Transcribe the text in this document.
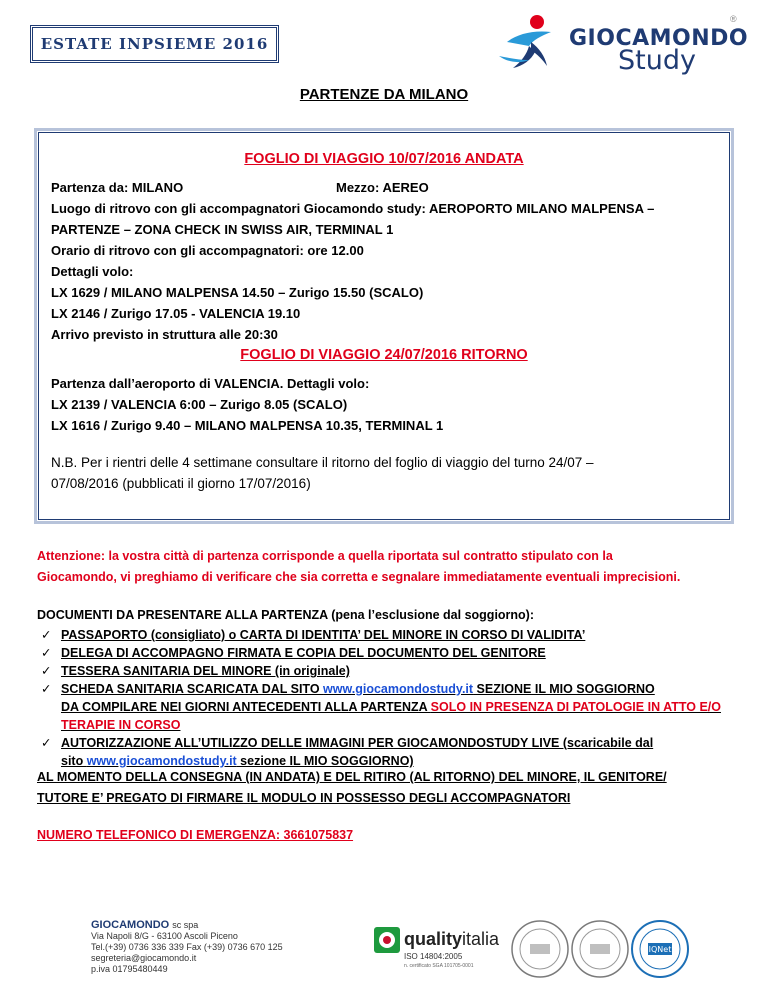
ESTATE INPSIEME 2016	GIOCAMONDO
Study
®
PARTENZE DA MILANO
FOGLIO DI VIAGGIO 10/07/2016 ANDATA
Partenza da: MILANO	Mezzo: AEREO
Luogo di ritrovo con gli accompagnatori Giocamondo study: AEROPORTO MILANO MALPENSA –
PARTENZE – ZONA CHECK IN SWISS AIR, TERMINAL 1
Orario di ritrovo con gli accompagnatori: ore 12.00
Dettagli volo:
LX 1629 / MILANO MALPENSA 14.50 – Zurigo 15.50 (SCALO)
LX 2146 / Zurigo 17.05 - VALENCIA 19.10
Arrivo previsto in struttura alle 20:30
FOGLIO DI VIAGGIO 24/07/2016 RITORNO
Partenza dall’aeroporto di VALENCIA. Dettagli volo:
LX 2139 / VALENCIA 6:00 – Zurigo 8.05 (SCALO)
LX 1616 / Zurigo 9.40 – MILANO MALPENSA 10.35, TERMINAL 1
N.B. Per i rientri delle 4 settimane consultare il ritorno del foglio di viaggio del turno 24/07 –
07/08/2016 (pubblicati il giorno 17/07/2016)
Attenzione: la vostra città di partenza corrisponde a quella riportata sul contratto stipulato con la
Giocamondo, vi preghiamo di verificare che sia corretta e segnalare immediatamente eventuali imprecisioni.
DOCUMENTI DA PRESENTARE ALLA PARTENZA (pena l’esclusione dal soggiorno):
✓ PASSAPORTO (consigliato) o CARTA DI IDENTITA’ DEL MINORE IN CORSO DI VALIDITA’
✓ DELEGA DI ACCOMPAGNO FIRMATA E COPIA DEL DOCUMENTO DEL GENITORE
✓ TESSERA SANITARIA DEL MINORE (in originale)
✓ SCHEDA SANITARIA SCARICATA DAL SITO www.giocamondostudy.it SEZIONE IL MIO SOGGIORNO
DA COMPILARE NEI GIORNI ANTECEDENTI ALLA PARTENZA SOLO IN PRESENZA DI PATOLOGIE IN ATTO E/O TERAPIE IN CORSO
✓ AUTORIZZAZIONE ALL’UTILIZZO DELLE IMMAGINI PER GIOCAMONDOSTUDY LIVE (scaricabile dal
sito www.giocamondostudy.it sezione IL MIO SOGGIORNO)
AL MOMENTO DELLA CONSEGNA (IN ANDATA) E DEL RITIRO (AL RITORNO) DEL MINORE, IL GENITORE/
TUTORE E’ PREGATO DI FIRMARE IL MODULO IN POSSESSO DEGLI ACCOMPAGNATORI
NUMERO TELEFONICO DI EMERGENZA: 3661075837
GIOCAMONDO sc spa
Via Napoli 8/G - 63100 Ascoli Piceno
Tel.(+39) 0736 336 339 Fax (+39) 0736 670 125
segreteria@giocamondo.it
p.iva 01795480449
qualityitalia
ISO 14804:2005
n. certificato SGA 101705-0001
IQNet
